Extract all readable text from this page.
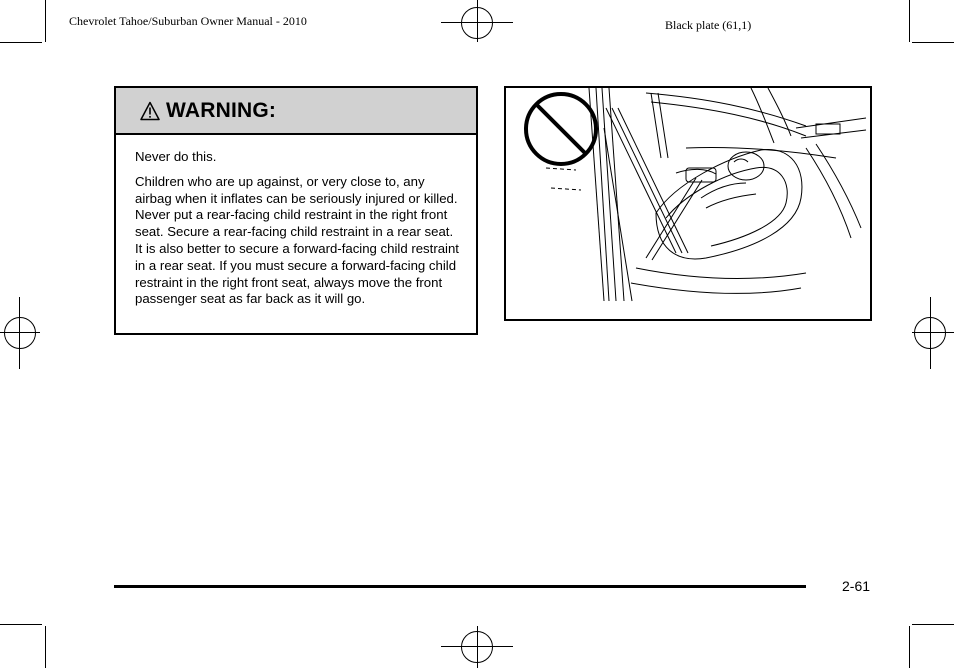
Chevrolet Tahoe/Suburban Owner Manual - 2010	Black plate (61,1)
WARNING:

Never do this.

Children who are up against, or very close to, any airbag when it inflates can be seriously injured or killed. Never put a rear-facing child restraint in the right front seat. Secure a rear-facing child restraint in a rear seat. It is also better to secure a forward-facing child restraint in a rear seat. If you must secure a forward-facing child restraint in the right front seat, always move the front passenger seat as far back as it will go.

2-61
